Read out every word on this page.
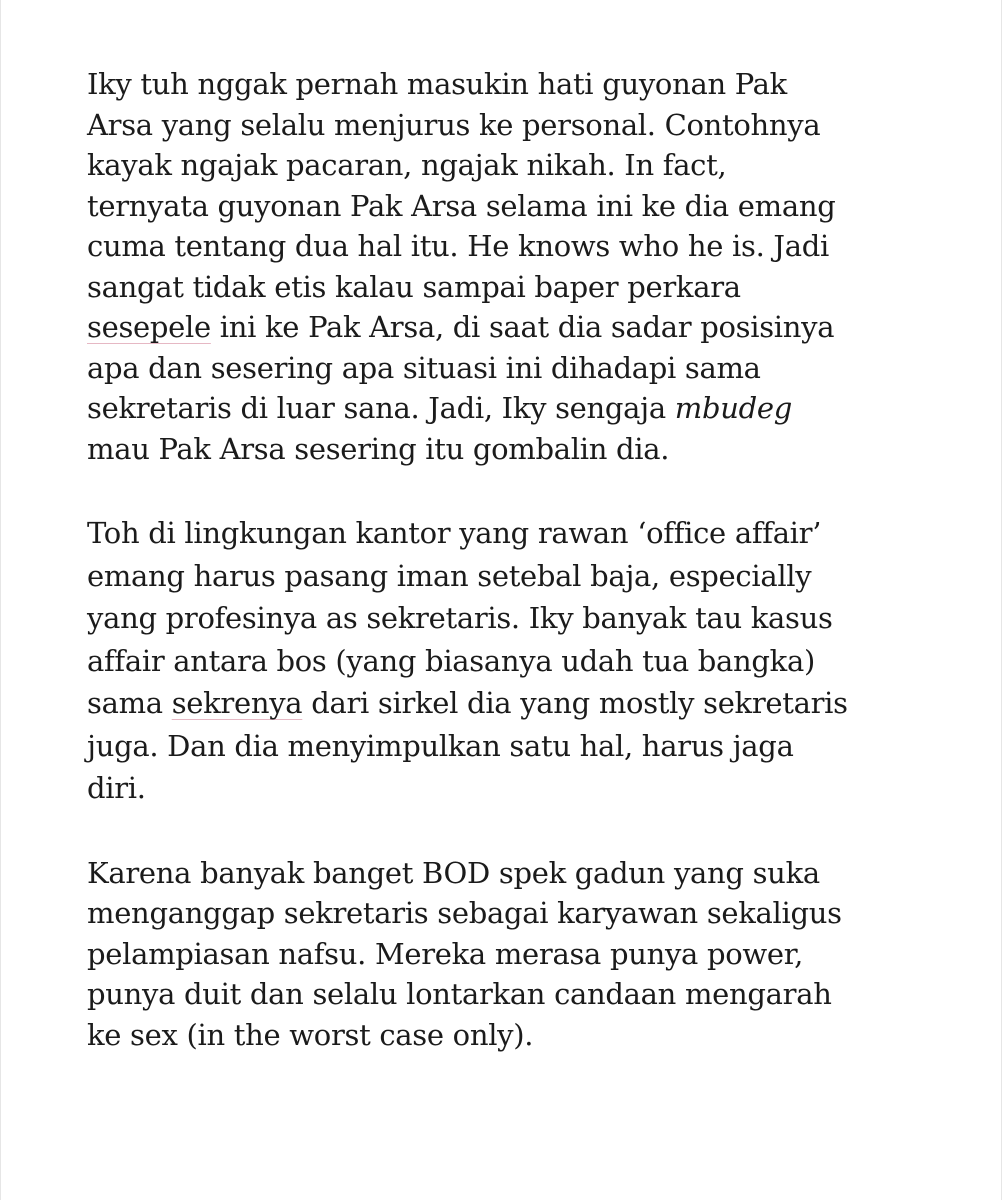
Iky tuh nggak pernah masukin hati guyonan Pak
Arsa yang selalu menjurus ke personal. Contohnya
kayak ngajak pacaran, ngajak nikah. In fact,
ternyata guyonan Pak Arsa selama ini ke dia emang
cuma tentang dua hal itu. He knows who he is. Jadi
sangat tidak etis kalau sampai baper perkara
sesepele ini ke Pak Arsa, di saat dia sadar posisinya
apa dan sesering apa situasi ini dihadapi sama
sekretaris di luar sana. Jadi, Iky sengaja mbudeg
mau Pak Arsa sesering itu gombalin dia.

Toh di lingkungan kantor yang rawan ‘office affair’
emang harus pasang iman setebal baja, especially
yang profesinya as sekretaris. Iky banyak tau kasus
affair antara bos (yang biasanya udah tua bangka)
sama sekrenya dari sirkel dia yang mostly sekretaris
juga. Dan dia menyimpulkan satu hal, harus jaga
diri.

Karena banyak banget BOD spek gadun yang suka
menganggap sekretaris sebagai karyawan sekaligus
pelampiasan nafsu. Mereka merasa punya power,
punya duit dan selalu lontarkan candaan mengarah
ke sex (in the worst case only).
